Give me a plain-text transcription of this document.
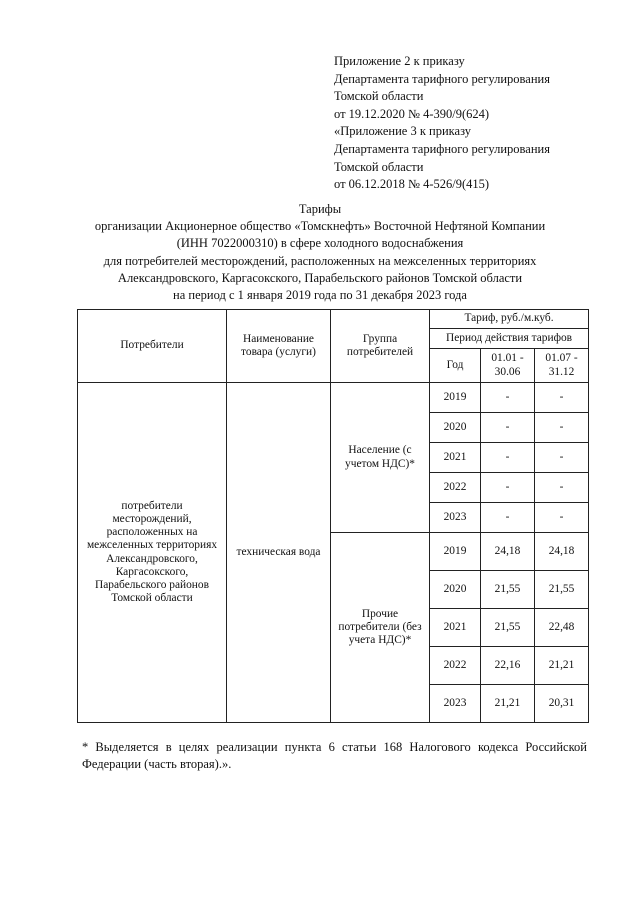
Приложение 2 к приказу
Департамента тарифного регулирования
Томской области
от 19.12.2020 № 4-390/9(624)
«Приложение 3 к приказу
Департамента тарифного регулирования
Томской области
от 06.12.2018 № 4-526/9(415)
Тарифы
организации Акционерное общество «Томскнефть» Восточной Нефтяной Компании
(ИНН 7022000310) в сфере холодного водоснабжения
для потребителей месторождений, расположенных на межселенных территориях
Александровского, Каргасокского, Парабельского районов Томской области
на период с 1 января 2019 года по 31 декабря 2023 года
Потребители	Наименование товара (услуги)	Группа потребителей	Тариф, руб./м.куб.		
			Период действия тарифов		
			Год	01.01 - 30.06	01.07 - 31.12
потребители месторождений, расположенных на межселенных территориях Александровского, Каргасокского, Парабельского районов Томской области	техническая вода	Население (с учетом НДС)*	2019	-	-
			2020	-	-
			2021	-	-
			2022	-	-
			2023	-	-
		Прочие потребители (без учета НДС)*	2019	24,18	24,18
			2020	21,55	21,55
			2021	21,55	22,48
			2022	22,16	21,21
			2023	21,21	20,31
* Выделяется в целях реализации пункта 6 статьи 168 Налогового кодекса Российской Федерации (часть вторая).».
